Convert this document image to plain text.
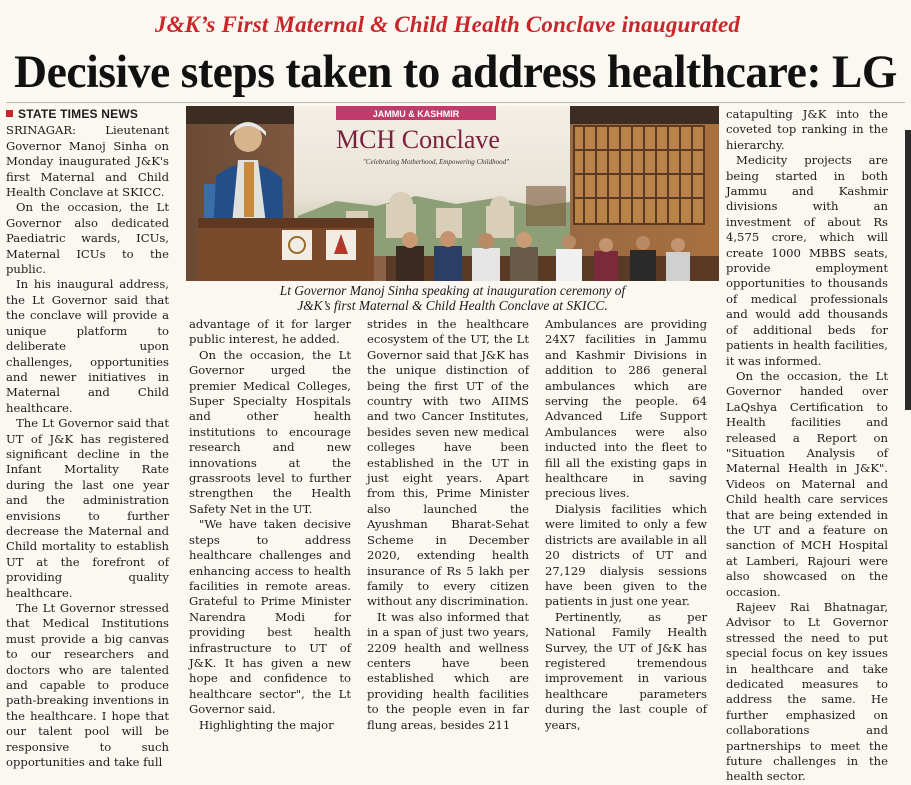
J&K’s First Maternal & Child Health Conclave inaugurated
Decisive steps taken to address healthcare: LG
STATE TIMES NEWS

SRINAGAR: Lieutenant Governor Manoj Sinha on Monday inaugurated J&K's first Maternal and Child Health Conclave at SKICC.

On the occasion, the Lt Governor also dedicated Paediatric wards, ICUs, Maternal ICUs to the public.

In his inaugural address, the Lt Governor said that the conclave will provide a unique platform to deliberate upon challenges, opportunities and newer initiatives in Maternal and Child healthcare.

The Lt Governor said that UT of J&K has registered significant decline in the Infant Mortality Rate during the last one year and the administration envisions to further decrease the Maternal and Child mortality to establish UT at the forefront of providing quality healthcare.

The Lt Governor stressed that Medical Institutions must provide a big canvas to our researchers and doctors who are talented and capable to produce path-breaking inventions in the healthcare. I hope that our talent pool will be responsive to such opportunities and take full

JAMMU & KASHMIR
MCH Conclave
"Celebrating Motherhood, Empowering Childhood"
Lt Governor Manoj Sinha speaking at inauguration ceremony of
J&K’s first Maternal & Child Health Conclave at SKICC.

advantage of it for larger public interest, he added.

On the occasion, the Lt Governor urged the premier Medical Colleges, Super Specialty Hospitals and other health institutions to encourage research and new innovations at the grassroots level to further strengthen the Health Safety Net in the UT.

"We have taken decisive steps to address healthcare challenges and enhancing access to health facilities in remote areas. Grateful to Prime Minister Narendra Modi for providing best health infrastructure to UT of J&K. It has given a new hope and confidence to healthcare sector", the Lt Governor said.

Highlighting the major

strides in the healthcare ecosystem of the UT, the Lt Governor said that J&K has the unique distinction of being the first UT of the country with two AIIMS and two Cancer Institutes, besides seven new medical colleges have been established in the UT in just eight years. Apart from this, Prime Minister also launched the Ayushman Bharat-Sehat Scheme in December 2020, extending health insurance of Rs 5 lakh per family to every citizen without any discrimination.

It was also informed that in a span of just two years, 2209 health and wellness centers have been established which are providing health facilities to the people even in far flung areas, besides 211

Ambulances are providing 24X7 facilities in Jammu and Kashmir Divisions in addition to 286 general ambulances which are serving the people. 64 Advanced Life Support Ambulances were also inducted into the fleet to fill all the existing gaps in healthcare in saving precious lives.

Dialysis facilities which were limited to only a few districts are available in all 20 districts of UT and 27,129 dialysis sessions have been given to the patients in just one year.

Pertinently, as per National Family Health Survey, the UT of J&K has registered tremendous improvement in various healthcare parameters during the last couple of years,

catapulting J&K into the coveted top ranking in the hierarchy.

Medicity projects are being started in both Jammu and Kashmir divisions with an investment of about Rs 4,575 crore, which will create 1000 MBBS seats, provide employment opportunities to thousands of medical professionals and would add thousands of additional beds for patients in health facilities, it was informed.

On the occasion, the Lt Governor handed over LaQshya Certification to Health facilities and released a Report on "Situation Analysis of Maternal Health in J&K". Videos on Maternal and Child health care services that are being extended in the UT and a feature on sanction of MCH Hospital at Lamberi, Rajouri were also showcased on the occasion.

Rajeev Rai Bhatnagar, Advisor to Lt Governor stressed the need to put special focus on key issues in healthcare and take dedicated measures to address the same. He further emphasized on collaborations and partnerships to meet the future challenges in the health sector.
